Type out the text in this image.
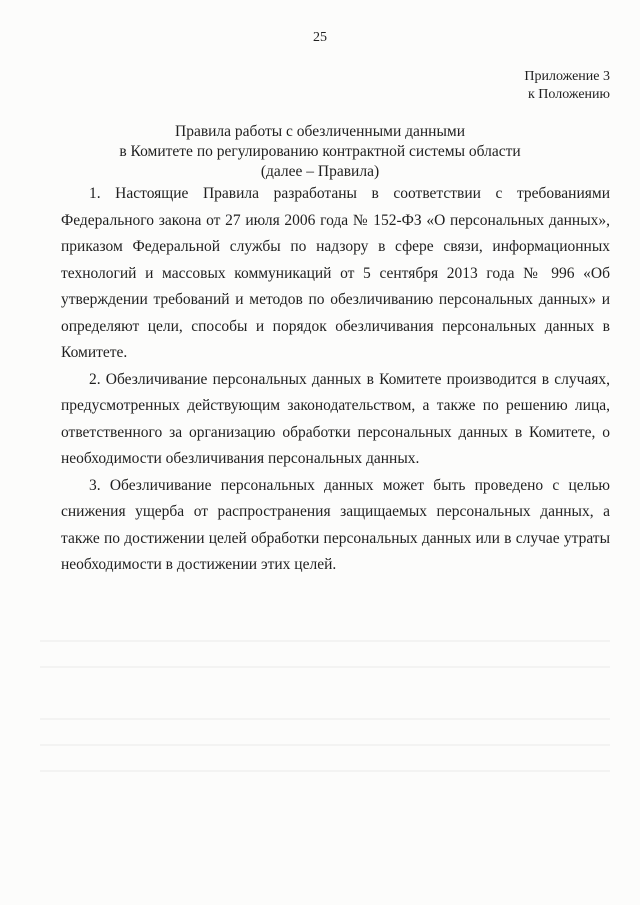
25
Приложение 3
к Положению
Правила работы с обезличенными данными
в Комитете по регулированию контрактной системы области
(далее – Правила)

1. Настоящие Правила разработаны в соответствии с требованиями Федерального закона от 27 июля 2006 года № 152-ФЗ «О персональных данных», приказом Федеральной службы по надзору в сфере связи, информационных технологий и массовых коммуникаций от 5 сентября 2013 года № 996 «Об утверждении требований и методов по обезличиванию персональных данных» и определяют цели, способы и порядок обезличивания персональных данных в Комитете.

2. Обезличивание персональных данных в Комитете производится в случаях, предусмотренных действующим законодательством, а также по решению лица, ответственного за организацию обработки персональных данных в Комитете, о необходимости обезличивания персональных данных.

3. Обезличивание персональных данных может быть проведено с целью снижения ущерба от распространения защищаемых персональных данных, а также по достижении целей обработки персональных данных или в случае утраты необходимости в достижении этих целей.
